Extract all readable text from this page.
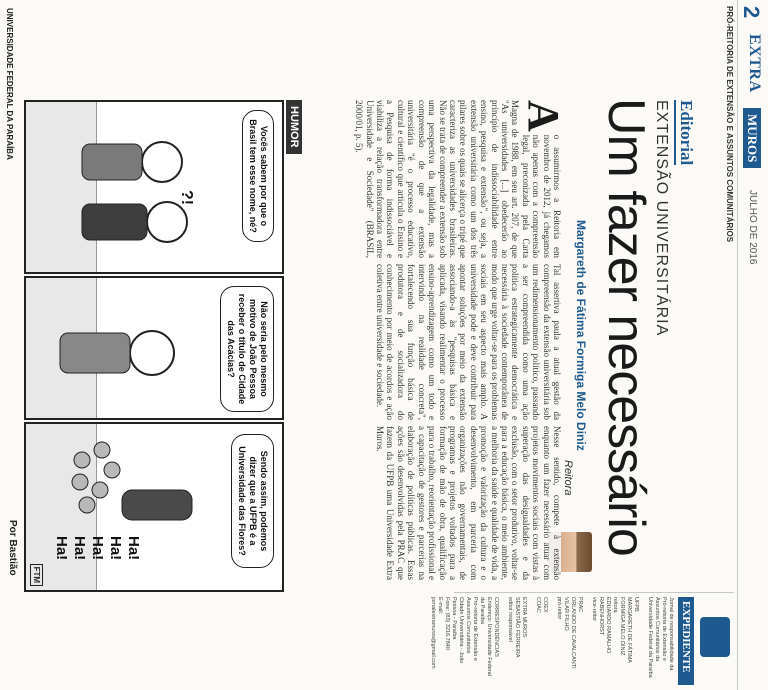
2
EXTRA
MUROS
JULHO DE 2016
PRÓ-REITORIA DE EXTENSÃO E ASSUNTOS COMUNITÁRIOS
Editorial
EXTENSÃO UNIVERSITÁRIA
Um fazer necessário
Margareth de Fátima Formiga Melo Diniz
Reitora
A
o assumirmos a Reitoria em novembro de 2012, já chegamos não apenas com a compreensão legal, preconizada pela Carta Magna de 1988, em seu art. 207, de que "As universidades [...] obedecerão ao princípio de indissociabilidade entre ensino, pesquisa e extensão", ou seja, a extensão universitária como um dos três pilares sobre os quais se alicerça o tripé que caracteriza as universidades brasileiras. Não se trata de compreender a extensão sob uma perspectiva da legalidade, mas a compreensão de que a extensão universitária "é o processo educativo, cultural e científico que articula o Ensino e a Pesquisa de forma indissociável e viabiliza a relação transformadora entre Universidade e Sociedade" (BRASIL, 2000/01, p. 5).
Tal assertiva paula a atual gestão da compreensão da extensão universitária sob um redimensionamento político, passando a ser compreendida como uma ação política estrategicamente democrática e necessária à sociedade contemporânea de modo que urge voltar-se para os problemas sociais em seu aspecto mais amplo. A universidade pode e deve contribuir para apontar soluções por meio da extensão associando-a às "pesquisas básica e aplicada, visando realimentar o processo ensino-aprendizagem como um todo e intervindo na realidade concreta", fortalecendo sua função básica de produtora e de socializadora do conhecimento por meio de acordos e ação coletiva entre universidade e sociedade.
Nesse sentido, compete à extensão enquanto um fazer necessário atuar com projetos movimentos sociais com vistas à superação das desigualdades e da exclusão, com o setor produtivo, voltar-se para a educação básica, o meio ambiente, a melhoria da saúde e qualidade de vida, a promoção e valorização da cultura e o desenvolvimento, em parceria com organizações não governamentais, de programas e projetos voltados para a formação de mão de obra, qualificação para o trabalho, reorientação profissional e a capacitação de gestores e parcerias na elaboração de políticas públicas. Essas ações são desenvolvidas pela PRAC que fazem da UFPB uma Universidade Extra Muros.
EXPEDIENTE
Jornal de responsabilidade da
Pró-reitoria de Extensão e
Assuntos Comunitários da
Universidade Federal da Paraíba

UFPB
MARGARETH DE FÁTIMA FORMIGA MELO DINIZ
reitora
EDUARDO RAMALHO RABENHORST
vice-reitor

PRAC
ORLANDO DE CAVALCANTI VILAR FILHO
pró-reitor

COEX
COAC

EXTRA MUROS
SEBASTIÃO FERREIRA
editor responsável

CORRESPONDÊNCIAS
Endereço: Universidade Federal da Paraíba
Pró-reitoria de Extensão e Assuntos Comunitários
Cidade Universitária - João Pessoa - Paraíba
Fone: (83) 3216.7840
E-mail: jornalextramuros@gmail.com
HUMOR
Vocês sabem por que o Brasil tem esse nome, né?
?!
Não seria pelo mesmo motivo de João Pessoa receber o título de Cidade das Acácias?
Sendo assim, podemos dizer que a UFPB é a Universidade das Flores?
Ha! Ha! Ha! Ha! Ha!
FTM
Por Bastião
UNIVERSIDADE FEDERAL DA PARAÍBA
